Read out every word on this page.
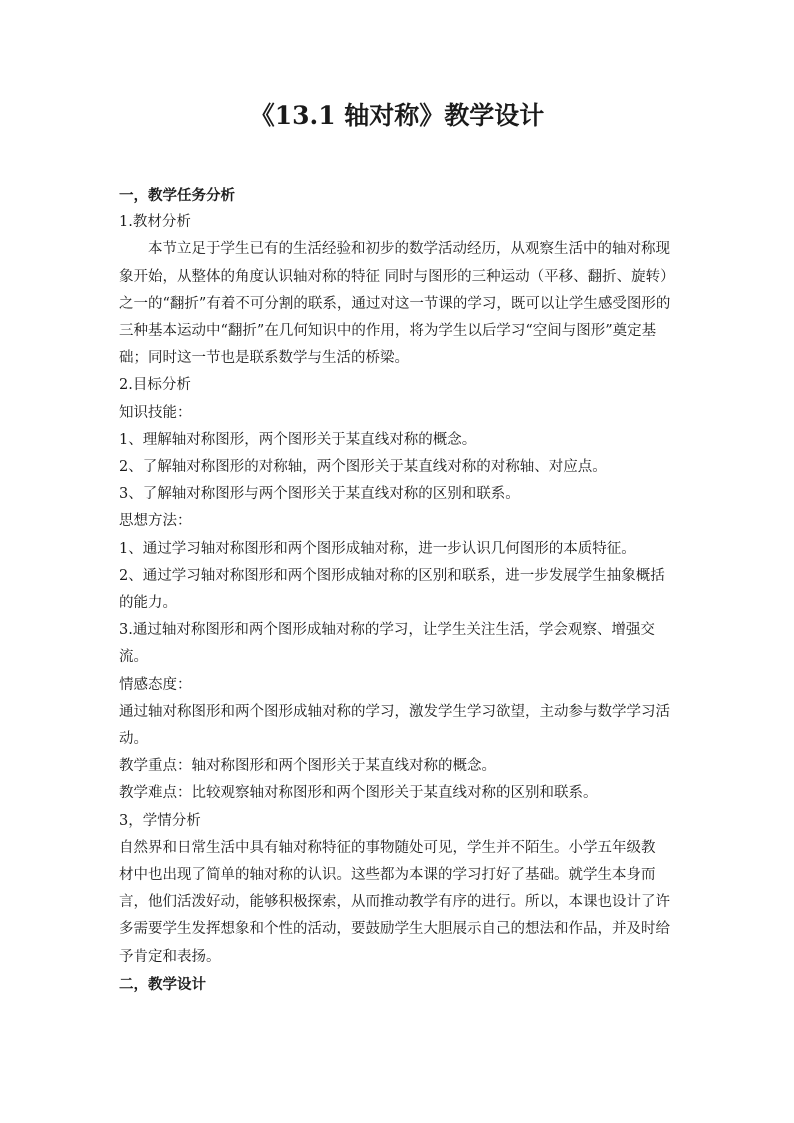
《13.1 轴对称》教学设计

一，教学任务分析

1.教材分析

本节立足于学生已有的生活经验和初步的数学活动经历，从观察生活中的轴对称现象开始，从整体的角度认识轴对称的特征 同时与图形的三种运动（平移、翻折、旋转）之一的“翻折”有着不可分割的联系，通过对这一节课的学习，既可以让学生感受图形的三种基本运动中“翻折”在几何知识中的作用，将为学生以后学习“空间与图形”奠定基础；同时这一节也是联系数学与生活的桥梁。

2.目标分析

知识技能：

1、理解轴对称图形，两个图形关于某直线对称的概念。

2、了解轴对称图形的对称轴，两个图形关于某直线对称的对称轴、对应点。

3、了解轴对称图形与两个图形关于某直线对称的区别和联系。

思想方法：

1、通过学习轴对称图形和两个图形成轴对称，进一步认识几何图形的本质特征。

2、通过学习轴对称图形和两个图形成轴对称的区别和联系，进一步发展学生抽象概括的能力。

3.通过轴对称图形和两个图形成轴对称的学习，让学生关注生活，学会观察、增强交流。

情感态度：

通过轴对称图形和两个图形成轴对称的学习，激发学生学习欲望，主动参与数学学习活动。

教学重点：轴对称图形和两个图形关于某直线对称的概念。

教学难点：比较观察轴对称图形和两个图形关于某直线对称的区别和联系。

3，学情分析

自然界和日常生活中具有轴对称特征的事物随处可见，学生并不陌生。小学五年级教

材中也出现了简单的轴对称的认识。这些都为本课的学习打好了基础。就学生本身而言，他们活泼好动，能够积极探索，从而推动教学有序的进行。所以，本课也设计了许多需要学生发挥想象和个性的活动，要鼓励学生大胆展示自己的想法和作品，并及时给予肯定和表扬。

二，教学设计
